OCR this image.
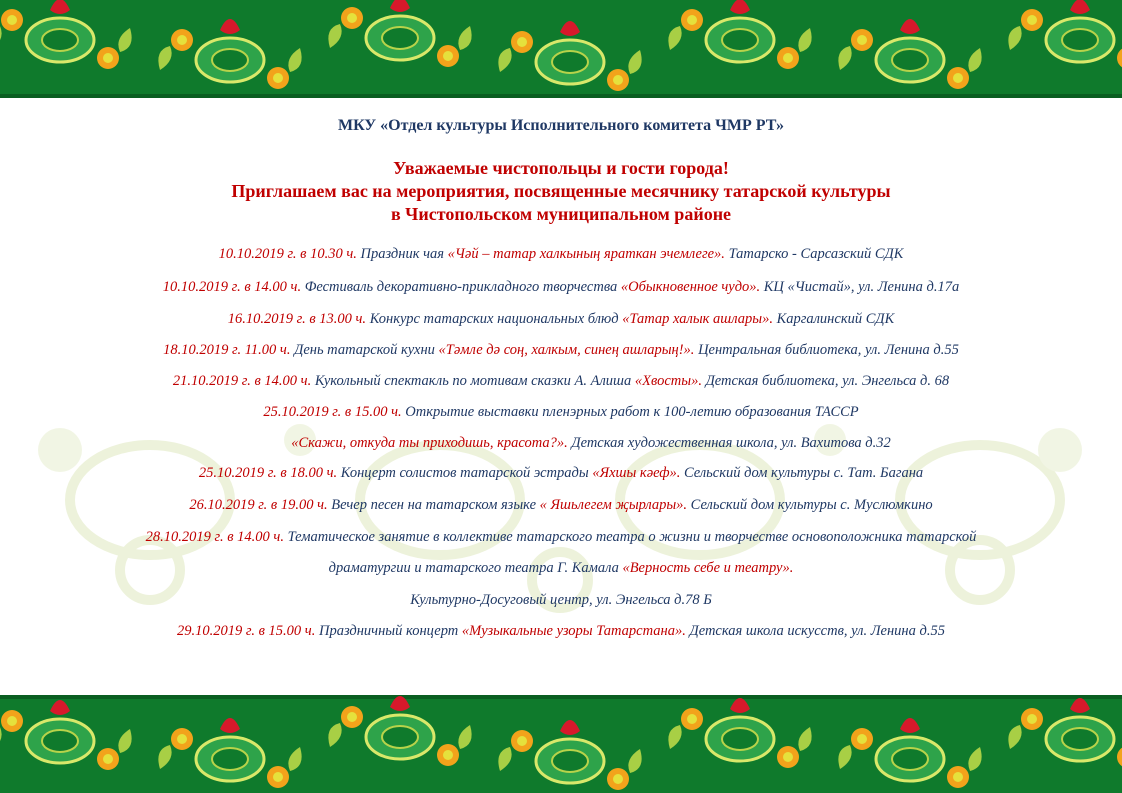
МКУ «Отдел культуры Исполнительного комитета ЧМР РТ»
Уважаемые чистопольцы и гости города!
Приглашаем вас на мероприятия, посвященные месячнику татарской культуры
в Чистопольском муниципальном районе
10.10.2019 г. в 10.30 ч. Праздник чая «Чәй – татар халкының яраткан эчемлеге». Татарско - Сарсазский СДК
10.10.2019 г. в 14.00 ч. Фестиваль декоративно-прикладного творчества «Обыкновенное чудо». КЦ «Чистай», ул. Ленина д.17а
16.10.2019 г. в 13.00 ч. Конкурс татарских национальных блюд «Татар халык ашлары». Каргалинский СДК
18.10.2019 г. 11.00 ч. День татарской кухни «Тәмле дә соң, халкым, синең ашларың!». Центральная библиотека, ул. Ленина д.55
21.10.2019 г. в 14.00 ч. Кукольный спектакль по мотивам сказки А. Алиша «Хвосты». Детская библиотека, ул. Энгельса д. 68
25.10.2019 г. в 15.00 ч. Открытие выставки пленэрных работ к 100-летию образования ТАССР
«Скажи, откуда ты приходишь, красота?». Детская художественная школа, ул. Вахитова д.32
25.10.2019 г. в 18.00 ч. Концерт солистов татарской эстрады «Яхшы кәеф». Сельский дом культуры с. Тат. Багана
26.10.2019 г. в 19.00 ч. Вечер песен на татарском языке « Яшьлегем җырлары». Сельский дом культуры с. Муслюмкино
28.10.2019 г. в 14.00 ч. Тематическое занятие в коллективе татарского театра о жизни и творчестве основоположника татарской
драматургии и татарского театра Г. Камала «Верность себе и театру».
Культурно-Досуговый центр, ул. Энгельса д.78 Б
29.10.2019 г. в 15.00 ч. Праздничный концерт «Музыкальные узоры Татарстана». Детская школа искусств, ул. Ленина д.55
